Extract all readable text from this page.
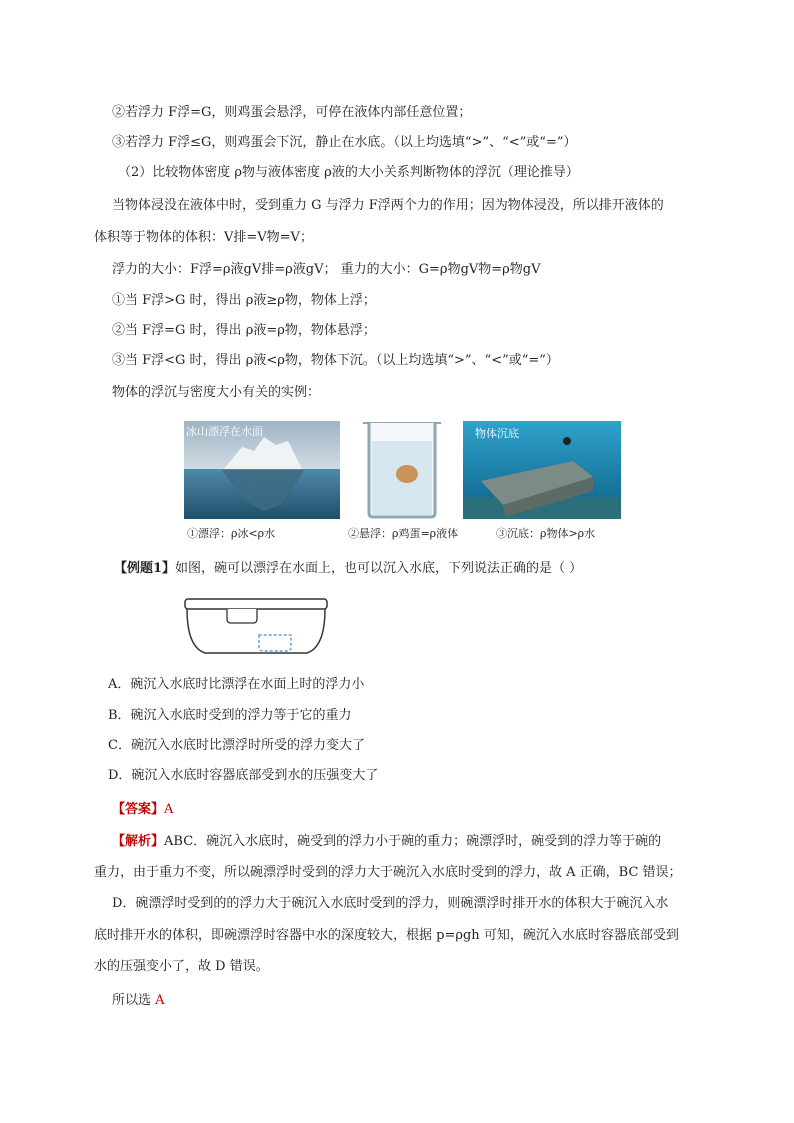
②若浮力 F浮=G，则鸡蛋会悬浮，可停在液体内部任意位置；
③若浮力 F浮≤G，则鸡蛋会下沉，静止在水底。（以上均选填“>”、“<”或“=”）
（2）比较物体密度 ρ物与液体密度 ρ液的大小关系判断物体的浮沉（理论推导）
当物体浸没在液体中时，受到重力 G 与浮力 F浮两个力的作用；因为物体浸没，所以排开液体的
体积等于物体的体积：V排=V物=V；
浮力的大小：F浮=ρ液gV排=ρ液gV； 重力的大小：G=ρ物gV物=ρ物gV
①当 F浮>G 时，得出 ρ液≥ρ物，物体上浮；
②当 F浮=G 时，得出 ρ液=ρ物，物体悬浮；
③当 F浮<G 时，得出 ρ液<ρ物，物体下沉。（以上均选填“>”、“<”或“=”）
物体的浮沉与密度大小有关的实例：
冰山漂浮在水面	物体沉底
①漂浮：ρ冰<ρ水	②悬浮：ρ鸡蛋=ρ液体	③沉底：ρ物体>ρ水
【例题1】如图，碗可以漂浮在水面上，也可以沉入水底，下列说法正确的是（ ）
A．碗沉入水底时比漂浮在水面上时的浮力小
B．碗沉入水底时受到的浮力等于它的重力
C．碗沉入水底时比漂浮时所受的浮力变大了
D．碗沉入水底时容器底部受到水的压强变大了
【答案】A
【解析】ABC．碗沉入水底时，碗受到的浮力小于碗的重力；碗漂浮时，碗受到的浮力等于碗的
重力，由于重力不变，所以碗漂浮时受到的浮力大于碗沉入水底时受到的浮力，故 A 正确，BC 错误；
D．碗漂浮时受到的的浮力大于碗沉入水底时受到的浮力，则碗漂浮时排开水的体积大于碗沉入水
底时排开水的体积，即碗漂浮时容器中水的深度较大，根据 p=ρgh 可知，碗沉入水底时容器底部受到
水的压强变小了，故 D 错误。
所以选 A
